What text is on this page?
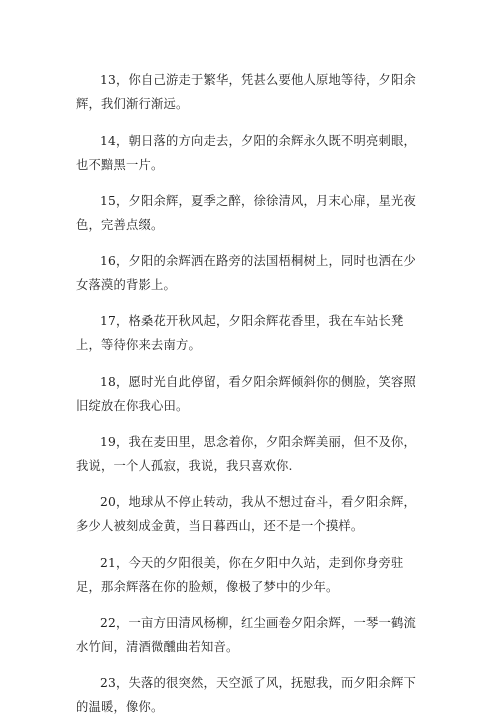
13，你自己游走于繁华，凭甚么要他人原地等待，夕阳余辉，我们渐行渐远。

14，朝日落的方向走去，夕阳的余辉永久既不明亮刺眼，也不黯黑一片。

15，夕阳余辉，夏季之醉，徐徐清风，月末心扉，星光夜色，完善点缀。

16，夕阳的余辉洒在路旁的法国梧桐树上，同时也洒在少女落漠的背影上。

17，格桑花开秋风起，夕阳余辉花香里，我在车站长凳上，等待你来去南方。

18，愿时光自此停留，看夕阳余辉倾斜你的侧脸，笑容照旧绽放在你我心田。

19，我在麦田里，思念着你，夕阳余辉美丽，但不及你，我说，一个人孤寂，我说，我只喜欢你.

20，地球从不停止转动，我从不想过奋斗，看夕阳余辉，多少人被刻成金黄，当日暮西山，还不是一个摸样。

21，今天的夕阳很美，你在夕阳中久站，走到你身旁驻足，那余辉落在你的脸颊，像极了梦中的少年。

22，一亩方田清风杨柳，红尘画卷夕阳余辉，一琴一鹤流水竹间，清酒微醺曲若知音。

23，失落的很突然，天空派了风，抚慰我，而夕阳余辉下的温暖，像你。
